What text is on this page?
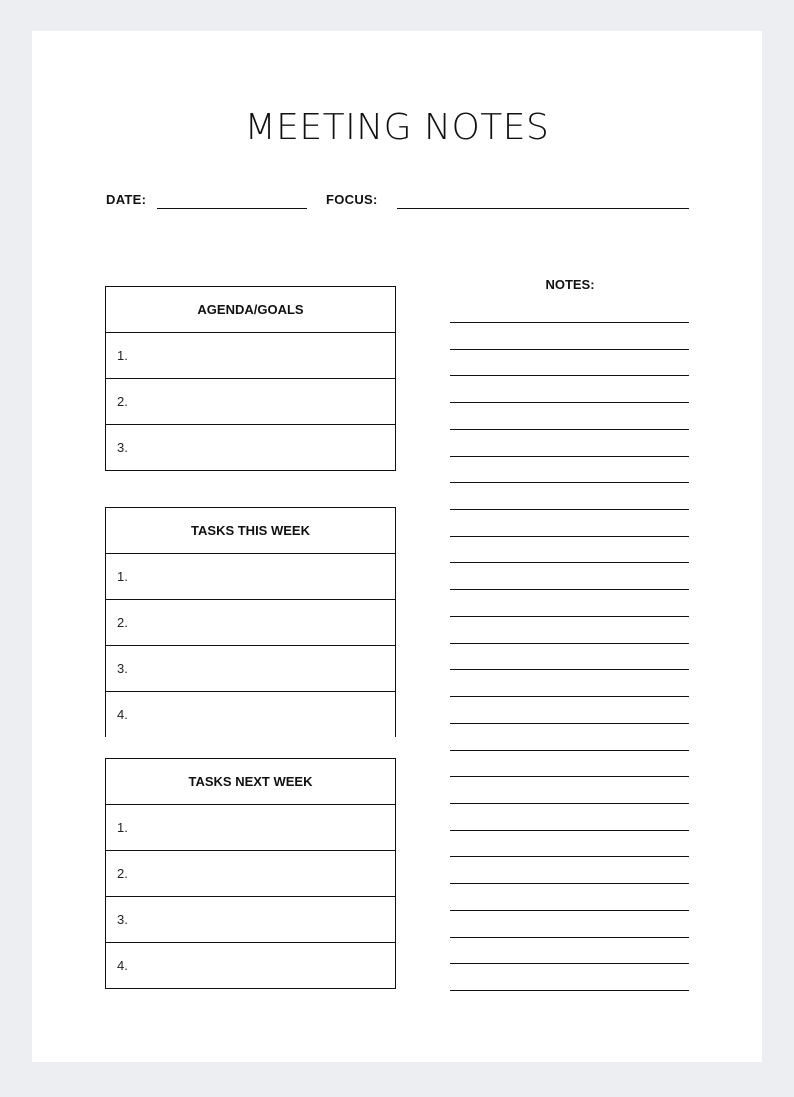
MEETING NOTES
DATE:	FOCUS:
AGENDA/GOALS
1.
2.
3.
TASKS THIS WEEK
1.
2.
3.
4.
TASKS NEXT WEEK
1.
2.
3.
4.
NOTES:
